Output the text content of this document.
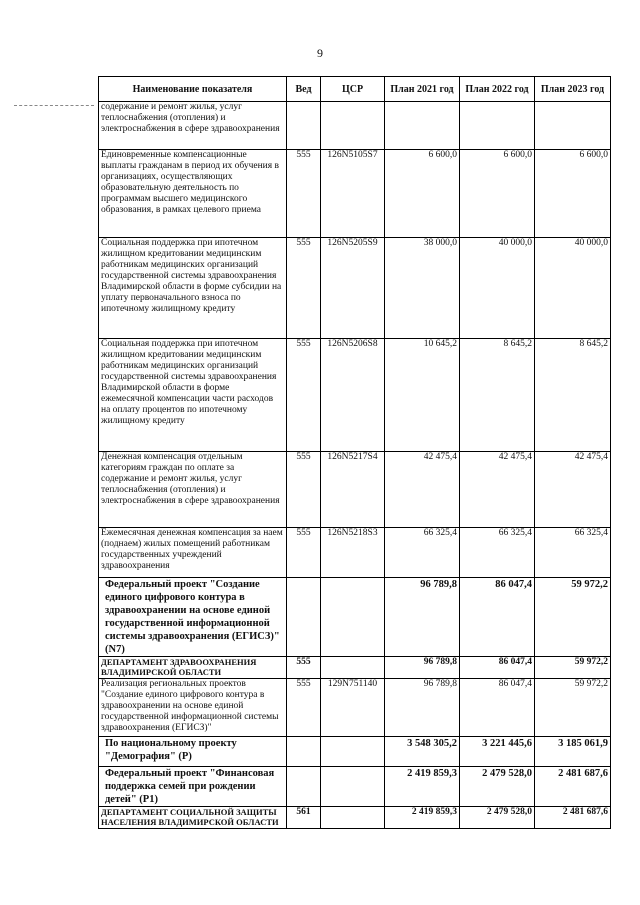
9
Наименование показателя	Вед	ЦСР	План 2021 год	План 2022 год	План 2023 год
содержание и ремонт жилья, услуг теплоснабжения (отопления) и электроснабжения в сфере здравоохранения					
Единовременные компенсационные выплаты гражданам в период их обучения в организациях, осуществляющих образовательную деятельность по программам высшего медицинского образования, в рамках целевого приема	555	126N5105S7	6 600,0	6 600,0	6 600,0
Социальная поддержка при ипотечном жилищном кредитовании медицинским работникам медицинских организаций государственной системы здравоохранения Владимирской области в форме субсидии на уплату первоначального взноса по ипотечному жилищному кредиту	555	126N5205S9	38 000,0	40 000,0	40 000,0
Социальная поддержка при ипотечном жилищном кредитовании медицинским работникам медицинских организаций государственной системы здравоохранения Владимирской области в форме ежемесячной компенсации части расходов на оплату процентов по ипотечному жилищному кредиту	555	126N5206S8	10 645,2	8 645,2	8 645,2
Денежная компенсация отдельным категориям граждан по оплате за содержание и ремонт жилья, услуг теплоснабжения (отопления) и электроснабжения в сфере здравоохранения	555	126N5217S4	42 475,4	42 475,4	42 475,4
Ежемесячная денежная компенсация за наем (поднаем) жилых помещений работникам государственных учреждений здравоохранения	555	126N5218S3	66 325,4	66 325,4	66 325,4
Федеральный проект "Создание единого цифрового контура в здравоохранении на основе единой государственной информационной системы здравоохранения (ЕГИСЗ)" (N7)			96 789,8	86 047,4	59 972,2
ДЕПАРТАМЕНТ ЗДРАВООХРАНЕНИЯ ВЛАДИМИРСКОЙ ОБЛАСТИ	555		96 789,8	86 047,4	59 972,2
Реализация региональных проектов "Создание единого цифрового контура в здравоохранении на основе единой государственной информационной системы здравоохранения (ЕГИСЗ)"	555	129N751140	96 789,8	86 047,4	59 972,2
По национальному проекту "Демография" (Р)			3 548 305,2	3 221 445,6	3 185 061,9
Федеральный проект "Финансовая поддержка семей при рождении детей" (Р1)			2 419 859,3	2 479 528,0	2 481 687,6
ДЕПАРТАМЕНТ СОЦИАЛЬНОЙ ЗАЩИТЫ НАСЕЛЕНИЯ ВЛАДИМИРСКОЙ ОБЛАСТИ	561		2 419 859,3	2 479 528,0	2 481 687,6
